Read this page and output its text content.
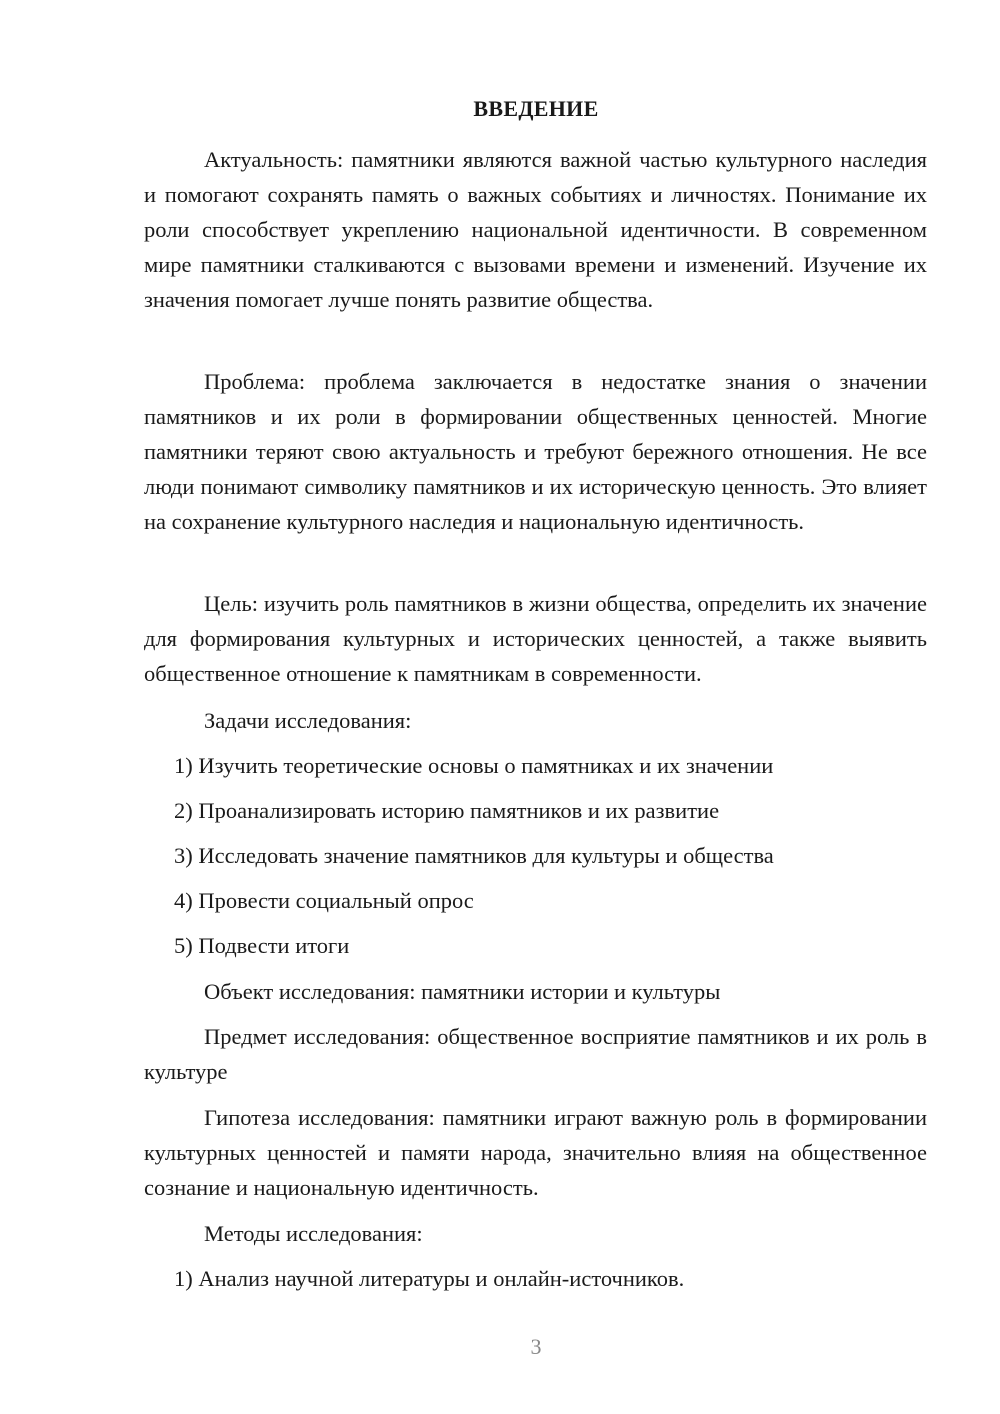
ВВЕДЕНИЕ

Актуальность: памятники являются важной частью культурного наследия и помогают сохранять память о важных событиях и личностях. Понимание их роли способствует укреплению национальной идентичности. В современном мире памятники сталкиваются с вызовами времени и изменений. Изучение их значения помогает лучше понять развитие общества.

Проблема: проблема заключается в недостатке знания о значении памятников и их роли в формировании общественных ценностей. Многие памятники теряют свою актуальность и требуют бережного отношения. Не все люди понимают символику памятников и их историческую ценность. Это влияет на сохранение культурного наследия и национальную идентичность.

Цель: изучить роль памятников в жизни общества, определить их значение для формирования культурных и исторических ценностей, а также выявить общественное отношение к памятникам в современности.

Задачи исследования:
1) Изучить теоретические основы о памятниках и их значении
2) Проанализировать историю памятников и их развитие
3) Исследовать значение памятников для культуры и общества
4) Провести социальный опрос
5) Подвести итоги
Объект исследования: памятники истории и культуры

Предмет исследования: общественное восприятие памятников и их роль в культуре

Гипотеза исследования: памятники играют важную роль в формировании культурных ценностей и памяти народа, значительно влияя на общественное сознание и национальную идентичность.

Методы исследования:
1) Анализ научной литературы и онлайн-источников.
3
